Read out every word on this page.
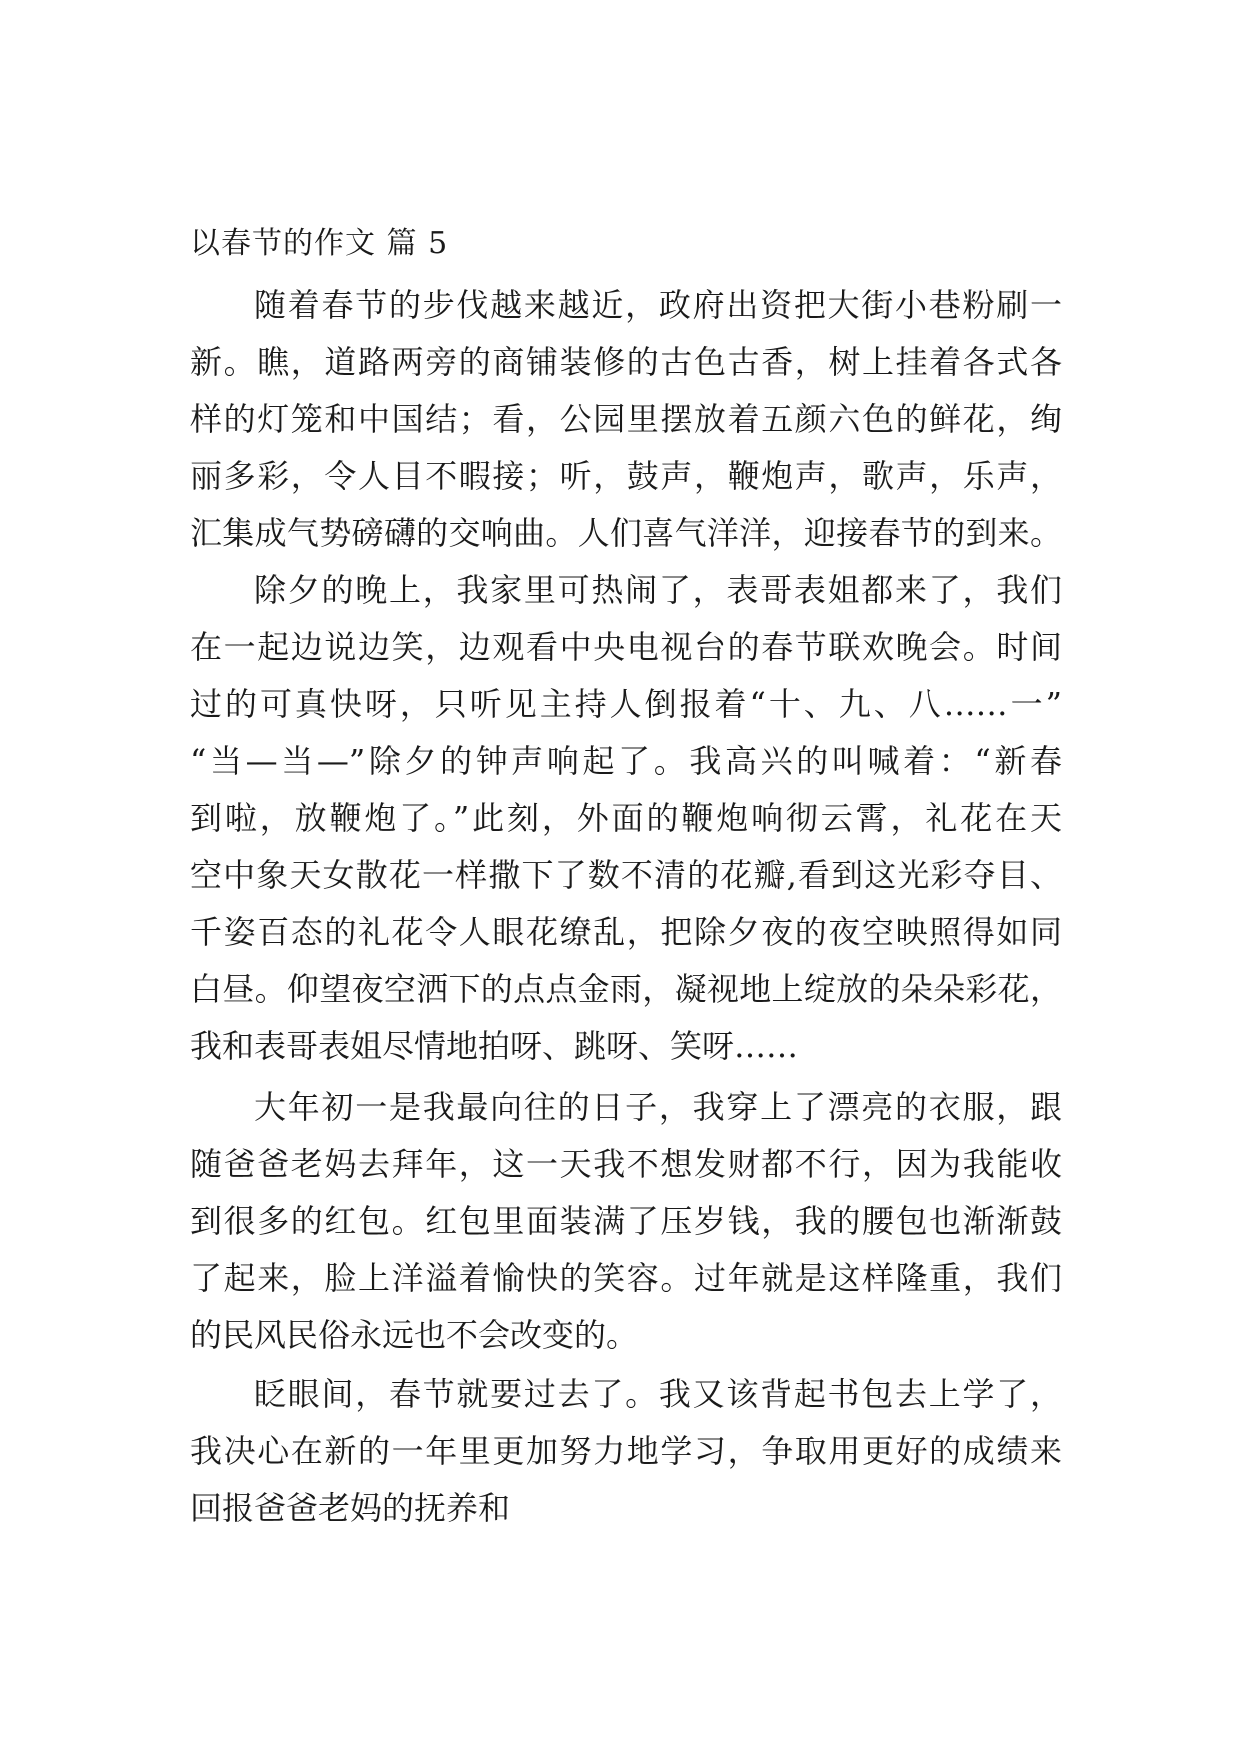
以春节的作文 篇 5
随着春节的步伐越来越近，政府出资把大街小巷粉刷一
新。瞧，道路两旁的商铺装修的古色古香，树上挂着各式各
样的灯笼和中国结；看，公园里摆放着五颜六色的鲜花，绚
丽多彩，令人目不暇接；听，鼓声，鞭炮声，歌声，乐声，
汇集成气势磅礴的交响曲。人们喜气洋洋，迎接春节的到来。
除夕的晚上，我家里可热闹了，表哥表姐都来了，我们
在一起边说边笑，边观看中央电视台的春节联欢晚会。时间
过的可真快呀，只听见主持人倒报着“十、九、八……一”
“当—当—”除夕的钟声响起了。我高兴的叫喊着：“新春
到啦，放鞭炮了。”此刻，外面的鞭炮响彻云霄，礼花在天
空中象天女散花一样撒下了数不清的花瓣,看到这光彩夺目、
千姿百态的礼花令人眼花缭乱，把除夕夜的夜空映照得如同
白昼。仰望夜空洒下的点点金雨，凝视地上绽放的朵朵彩花，
我和表哥表姐尽情地拍呀、跳呀、笑呀……
大年初一是我最向往的日子，我穿上了漂亮的衣服，跟
随爸爸老妈去拜年，这一天我不想发财都不行，因为我能收
到很多的红包。红包里面装满了压岁钱，我的腰包也渐渐鼓
了起来，脸上洋溢着愉快的笑容。过年就是这样隆重，我们
的民风民俗永远也不会改变的。
眨眼间，春节就要过去了。我又该背起书包去上学了，
我决心在新的一年里更加努力地学习，争取用更好的成绩来
回报爸爸老妈的抚养和
